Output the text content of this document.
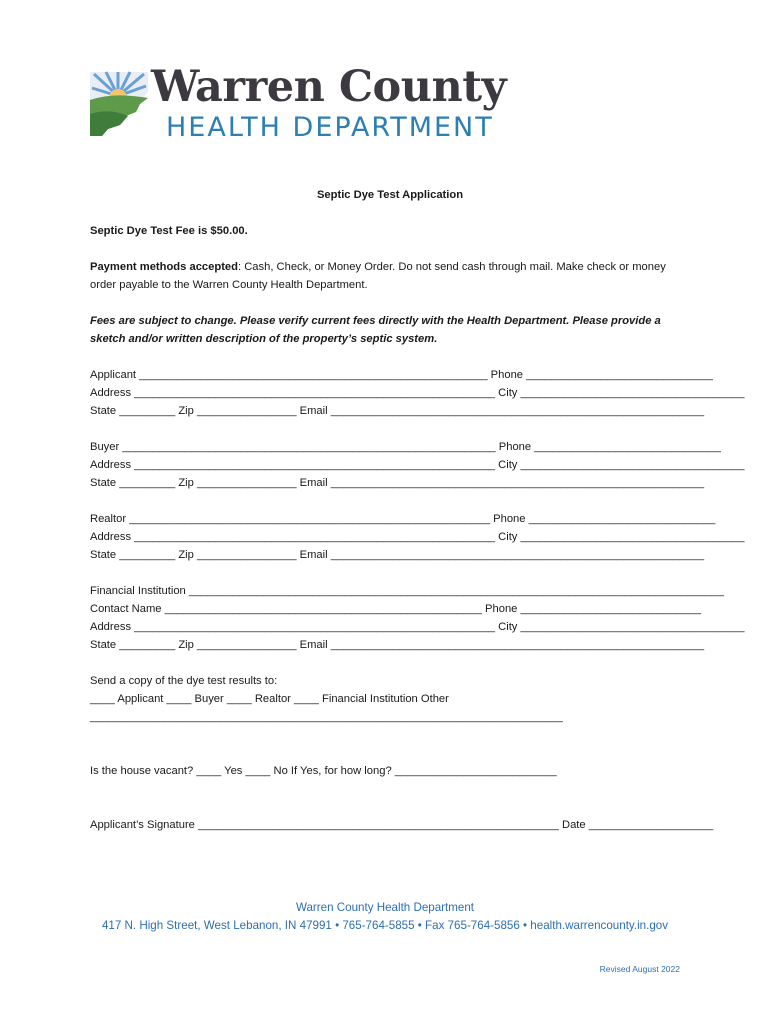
Warren County
HEALTH DEPARTMENT
Septic Dye Test Application
Septic Dye Test Fee is $50.00.
Payment methods accepted: Cash, Check, or Money Order. Do not send cash through mail. Make check or money order payable to the Warren County Health Department.
Fees are subject to change. Please verify current fees directly with the Health Department. Please provide a sketch and/or written description of the property’s septic system.
Applicant ________________________________________________________ Phone ______________________________
Address __________________________________________________________ City ____________________________________
State _________ Zip ________________ Email ____________________________________________________________
Buyer ____________________________________________________________ Phone ______________________________
Address __________________________________________________________ City ____________________________________
State _________ Zip ________________ Email ____________________________________________________________
Realtor __________________________________________________________ Phone ______________________________
Address __________________________________________________________ City ____________________________________
State _________ Zip ________________ Email ____________________________________________________________
Financial Institution ______________________________________________________________________________________
Contact Name ___________________________________________________ Phone _____________________________
Address __________________________________________________________ City ____________________________________
State _________ Zip ________________ Email ____________________________________________________________
Send a copy of the dye test results to:
____ Applicant ____ Buyer ____ Realtor ____ Financial Institution Other
____________________________________________________________________________
Is the house vacant? ____ Yes ____ No If Yes, for how long? __________________________
Applicant’s Signature __________________________________________________________ Date ____________________
Warren County Health Department
417 N. High Street, West Lebanon, IN 47991 • 765-764-5855 • Fax 765-764-5856 • health.warrencounty.in.gov
Revised August 2022
